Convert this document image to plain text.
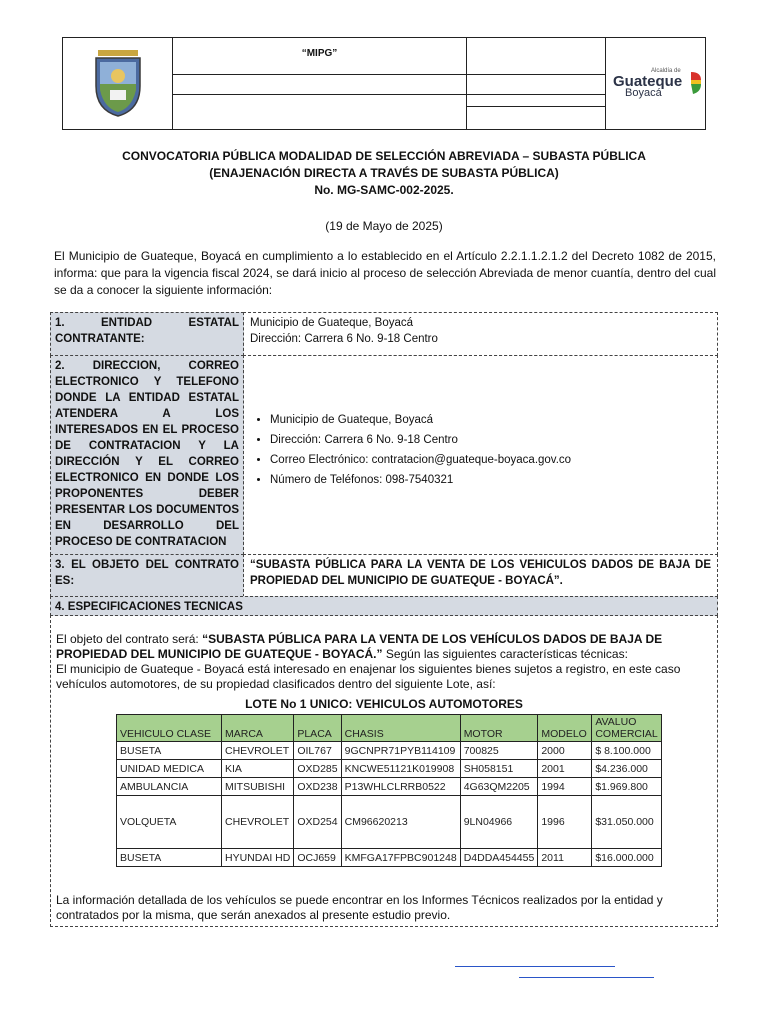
“MIPG”
Alcaldía de
Guateque
Boyacá
CONVOCATORIA PÚBLICA MODALIDAD DE SELECCIÓN ABREVIADA – SUBASTA PÚBLICA
(ENAJENACIÓN DIRECTA A TRAVÉS DE SUBASTA PÚBLICA)
No. MG-SAMC-002-2025.
(19 de Mayo de 2025)
El Municipio de Guateque, Boyacá en cumplimiento a lo establecido en el Artículo 2.2.1.1.2.1.2 del Decreto 1082 de 2015, informa: que para la vigencia fiscal 2024, se dará inicio al proceso de selección Abreviada de menor cuantía, dentro del cual se da a conocer la siguiente información:
1. ENTIDAD ESTATAL CONTRATANTE:
Municipio de Guateque, Boyacá
Dirección: Carrera 6 No. 9-18 Centro
2. DIRECCION, CORREO ELECTRONICO Y TELEFONO DONDE LA ENTIDAD ESTATAL ATENDERA A LOS INTERESADOS EN EL PROCESO DE CONTRATACION Y LA DIRECCIÓN Y EL CORREO ELECTRONICO EN DONDE LOS PROPONENTES DEBER PRESENTAR LOS DOCUMENTOS EN DESARROLLO DEL PROCESO DE CONTRATACION
• Municipio de Guateque, Boyacá
• Dirección: Carrera 6 No. 9-18 Centro
• Correo Electrónico: contratacion@guateque-boyaca.gov.co
• Número de Teléfonos: 098-7540321
3. EL OBJETO DEL CONTRATO ES:
“SUBASTA PÚBLICA PARA LA VENTA DE LOS VEHICULOS DADOS DE BAJA DE PROPIEDAD DEL MUNICIPIO DE GUATEQUE - BOYACÁ”.
4. ESPECIFICACIONES TECNICAS

El objeto del contrato será: “SUBASTA PÚBLICA PARA LA VENTA DE LOS VEHÍCULOS DADOS DE BAJA DE PROPIEDAD DEL MUNICIPIO DE GUATEQUE - BOYACÁ.” Según las siguientes características técnicas:

El municipio de Guateque - Boyacá está interesado en enajenar los siguientes bienes sujetos a registro, en este caso vehículos automotores, de su propiedad clasificados dentro del siguiente Lote, así:

LOTE No 1 UNICO: VEHICULOS AUTOMOTORES
VEHICULO CLASE	MARCA	PLACA	CHASIS	MOTOR	MODELO	AVALUO COMERCIAL
BUSETA	CHEVROLET	OIL767	9GCNPR71PYB114109	700825	2000	$ 8.100.000
UNIDAD MEDICA	KIA	OXD285	KNCWE51121K019908	SH058151	2001	$4.236.000
AMBULANCIA	MITSUBISHI	OXD238	P13WHLCLRRB0522	4G63QM2205	1994	$1.969.800
VOLQUETA	CHEVROLET	OXD254	CM96620213	9LN04966	1996	$31.050.000
BUSETA	HYUNDAI HD	OCJ659	KMFGA17FPBC901248	D4DDA454455	2011	$16.000.000
La información detallada de los vehículos se puede encontrar en los Informes Técnicos realizados por la entidad y contratados por la misma, que serán anexados al presente estudio previo.
